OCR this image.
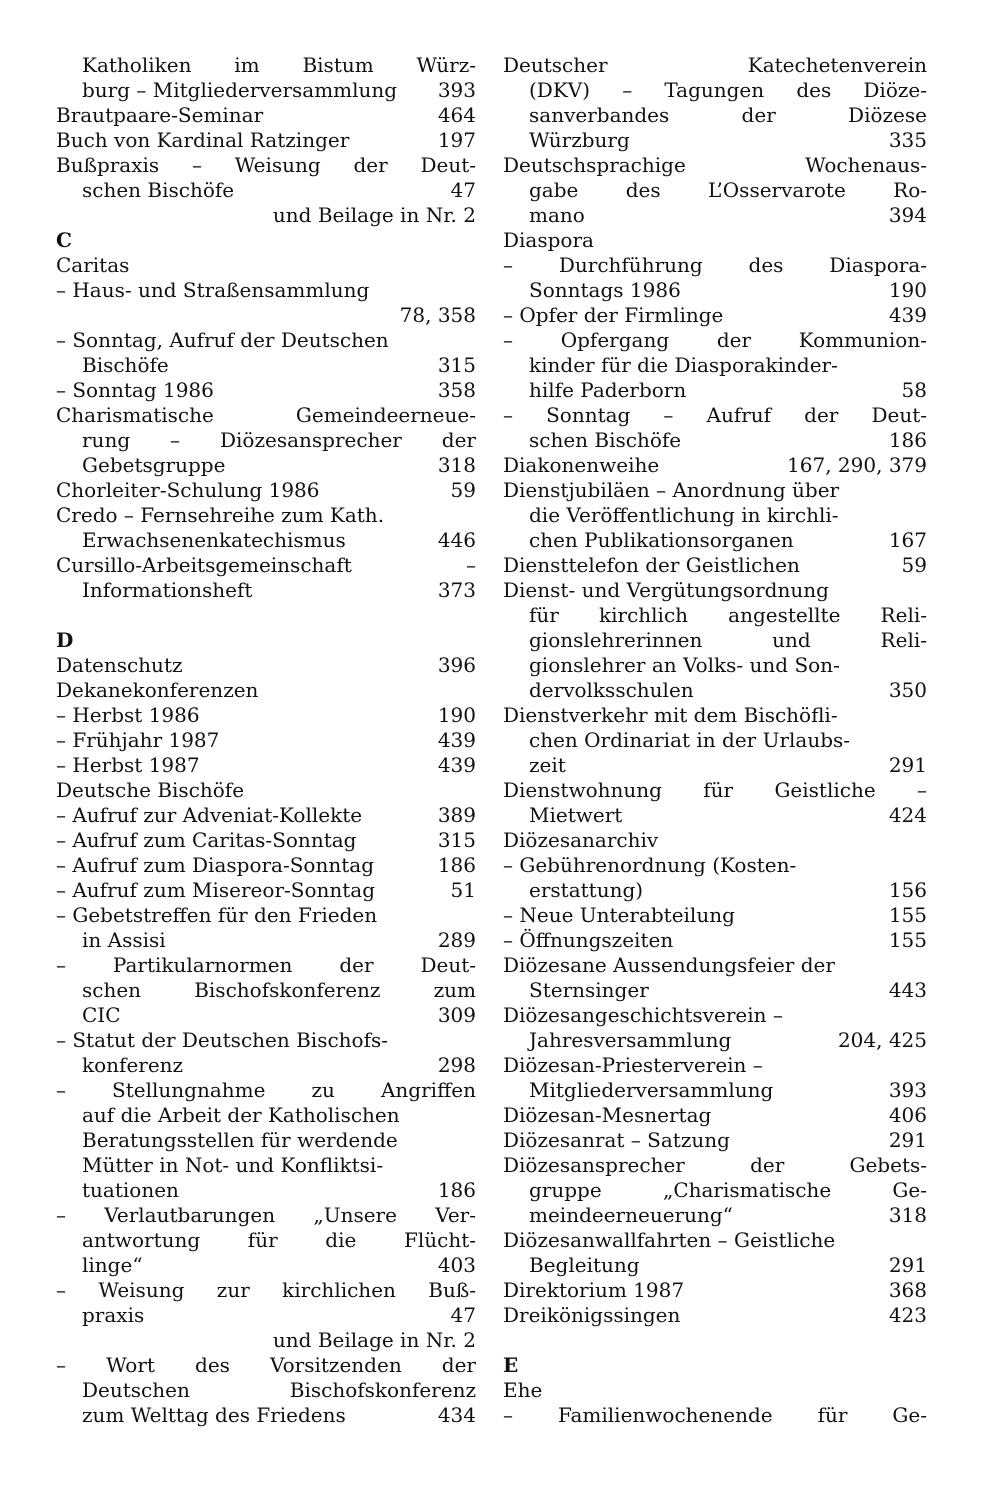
Katholiken im Bistum Würz-
burg – Mitgliederversammlung 393
Brautpaare-Seminar	464
Buch von Kardinal Ratzinger	197
Bußpraxis – Weisung der Deut-
schen Bischöfe	47
und Beilage in Nr. 2
C
Caritas
– Haus- und Straßensammlung
78, 358
– Sonntag, Aufruf der Deutschen
Bischöfe	315
– Sonntag 1986	358
Charismatische Gemeindeerneue-
rung – Diözesansprecher der
Gebetsgruppe	318
Chorleiter-Schulung 1986	59
Credo – Fernsehreihe zum Kath.
Erwachsenenkatechismus	446
Cursillo-Arbeitsgemeinschaft –
Informationsheft	373
D
Datenschutz	396
Dekanekonferenzen
– Herbst 1986	190
– Frühjahr 1987	439
– Herbst 1987	439
Deutsche Bischöfe
– Aufruf zur Adveniat-Kollekte	389
– Aufruf zum Caritas-Sonntag	315
– Aufruf zum Diaspora-Sonntag	186
– Aufruf zum Misereor-Sonntag	51
– Gebetstreffen für den Frieden
in Assisi	289
– Partikularnormen der Deut-
schen Bischofskonferenz zum
CIC	309
– Statut der Deutschen Bischofs-
konferenz	298
– Stellungnahme zu Angriffen
auf die Arbeit der Katholischen
Beratungsstellen für werdende
Mütter in Not- und Konfliktsi-
tuationen	186
– Verlautbarungen „Unsere Ver-
antwortung für die Flücht-
linge“	403
– Weisung zur kirchlichen Buß-
praxis	47
und Beilage in Nr. 2
– Wort des Vorsitzenden der
Deutschen Bischofskonferenz
zum Welttag des Friedens	434
Deutscher Katechetenverein
(DKV) – Tagungen des Diöze-
sanverbandes der Diözese
Würzburg	335
Deutschsprachige Wochenaus-
gabe des L’Osservarote Ro-
mano	394
Diaspora
– Durchführung des Diaspora-
Sonntags 1986	190
– Opfer der Firmlinge	439
– Opfergang der Kommunion-
kinder für die Diasporakinder-
hilfe Paderborn	58
– Sonntag – Aufruf der Deut-
schen Bischöfe	186
Diakonenweihe	167, 290, 379
Dienstjubiläen – Anordnung über
die Veröffentlichung in kirchli-
chen Publikationsorganen	167
Diensttelefon der Geistlichen	59
Dienst- und Vergütungsordnung
für kirchlich angestellte Reli-
gionslehrerinnen und Reli-
gionslehrer an Volks- und Son-
dervolksschulen	350
Dienstverkehr mit dem Bischöfli-
chen Ordinariat in der Urlaubs-
zeit	291
Dienstwohnung für Geistliche –
Mietwert	424
Diözesanarchiv
– Gebührenordnung (Kosten-
erstattung)	156
– Neue Unterabteilung	155
– Öffnungszeiten	155
Diözesane Aussendungsfeier der
Sternsinger	443
Diözesangeschichtsverein –
Jahresversammlung	204, 425
Diözesan-Priesterverein –
Mitgliederversammlung	393
Diözesan-Mesnertag	406
Diözesanrat – Satzung	291
Diözesansprecher der Gebets-
gruppe „Charismatische Ge-
meindeerneuerung“	318
Diözesanwallfahrten – Geistliche
Begleitung	291
Direktorium 1987	368
Dreikönigssingen	423
E
Ehe
– Familienwochenende für Ge-
